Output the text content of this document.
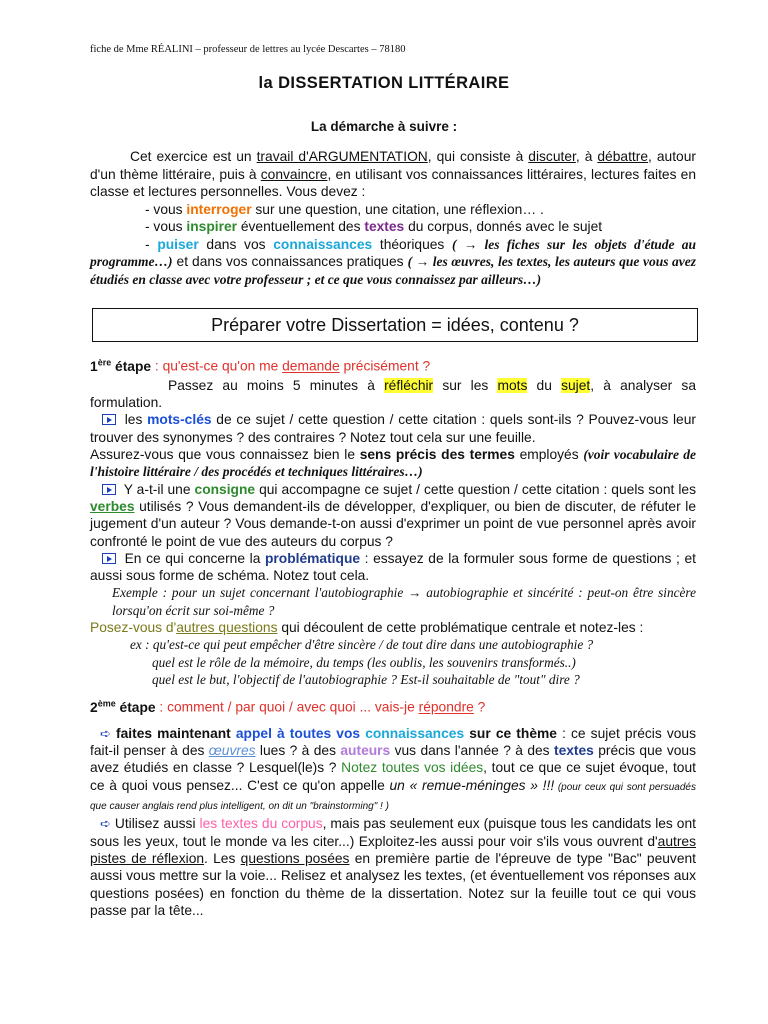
fiche de Mme RÉALINI – professeur de lettres au lycée Descartes – 78180
la DISSERTATION LITTÉRAIRE
La démarche à suivre :

Cet exercice est un travail d'ARGUMENTATION, qui consiste à discuter, à débattre, autour d'un thème littéraire, puis à convaincre, en utilisant vos connaissances littéraires, lectures faites en classe et lectures personnelles. Vous devez :

- vous interroger sur une question, une citation, une réflexion… .

- vous inspirer éventuellement des textes du corpus, donnés avec le sujet

- puiser dans vos connaissances théoriques ( → les fiches sur les objets d'étude au programme…) et dans vos connaissances pratiques ( → les œuvres, les textes, les auteurs que vous avez étudiés en classe avec votre professeur ; et ce que vous connaissez par ailleurs…)

Préparer votre Dissertation = idées, contenu ?

1ère étape : qu'est-ce qu'on me demande précisément ?

Passez au moins 5 minutes à réfléchir sur les mots du sujet, à analyser sa formulation.

les mots-clés de ce sujet / cette question / cette citation : quels sont-ils ? Pouvez-vous leur trouver des synonymes ? des contraires ? Notez tout cela sur une feuille.

Assurez-vous que vous connaissez bien le sens précis des termes employés (voir vocabulaire de l'histoire littéraire / des procédés et techniques littéraires…)

Y a-t-il une consigne qui accompagne ce sujet / cette question / cette citation : quels sont les verbes utilisés ? Vous demandent-ils de développer, d'expliquer, ou bien de discuter, de réfuter le jugement d'un auteur ? Vous demande-t-on aussi d'exprimer un point de vue personnel après avoir confronté le point de vue des auteurs du corpus ?

En ce qui concerne la problématique : essayez de la formuler sous forme de questions ; et aussi sous forme de schéma. Notez tout cela.

Exemple : pour un sujet concernant l'autobiographie → autobiographie et sincérité : peut-on être sincère lorsqu'on écrit sur soi-même ?

Posez-vous d'autres questions qui découlent de cette problématique centrale et notez-les :

ex : qu'est-ce qui peut empêcher d'être sincère / de tout dire dans une autobiographie ?

quel est le rôle de la mémoire, du temps (les oublis, les souvenirs transformés..)

quel est le but, l'objectif de l'autobiographie ? Est-il souhaitable de "tout" dire ?

2ème étape : comment / par quoi / avec quoi ... vais-je répondre ?

➪ faites maintenant appel à toutes vos connaissances sur ce thème : ce sujet précis vous fait-il penser à des œuvres lues ? à des auteurs vus dans l'année ? à des textes précis que vous avez étudiés en classe ? Lesquel(le)s ? Notez toutes vos idées, tout ce que ce sujet évoque, tout ce à quoi vous pensez... C'est ce qu'on appelle un « remue-méninges » !!! (pour ceux qui sont persuadés que causer anglais rend plus intelligent, on dit un "brainstorming" ! )

➪ Utilisez aussi les textes du corpus, mais pas seulement eux (puisque tous les candidats les ont sous les yeux, tout le monde va les citer...) Exploitez-les aussi pour voir s'ils vous ouvrent d'autres pistes de réflexion. Les questions posées en première partie de l'épreuve de type "Bac" peuvent aussi vous mettre sur la voie... Relisez et analysez les textes, (et éventuellement vos réponses aux questions posées) en fonction du thème de la dissertation. Notez sur la feuille tout ce qui vous passe par la tête...
